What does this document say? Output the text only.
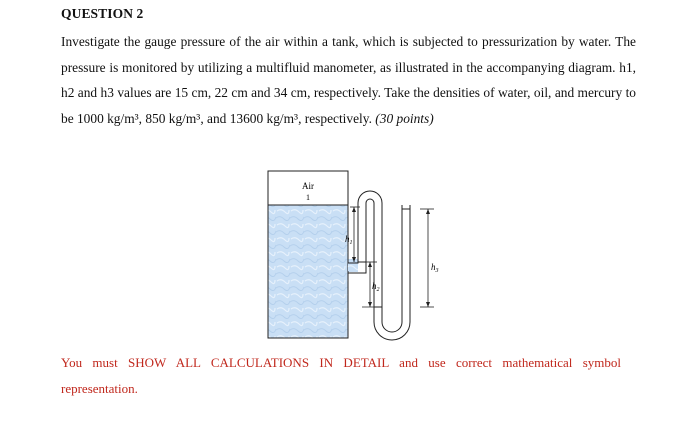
QUESTION 2
Investigate the gauge pressure of the air within a tank, which is subjected to pressurization by water. The pressure is monitored by utilizing a multifluid manometer, as illustrated in the accompanying diagram. h1, h2 and h3 values are 15 cm, 22 cm and 34 cm, respectively. Take the densities of water, oil, and mercury to be 1000 kg/m³, 850 kg/m³, and 13600 kg/m³, respectively. (30 points)
Air
1
$h_1$
$h_2$
$h_3$
You must SHOW ALL CALCULATIONS IN DETAIL and use correct mathematical symbol representation.
